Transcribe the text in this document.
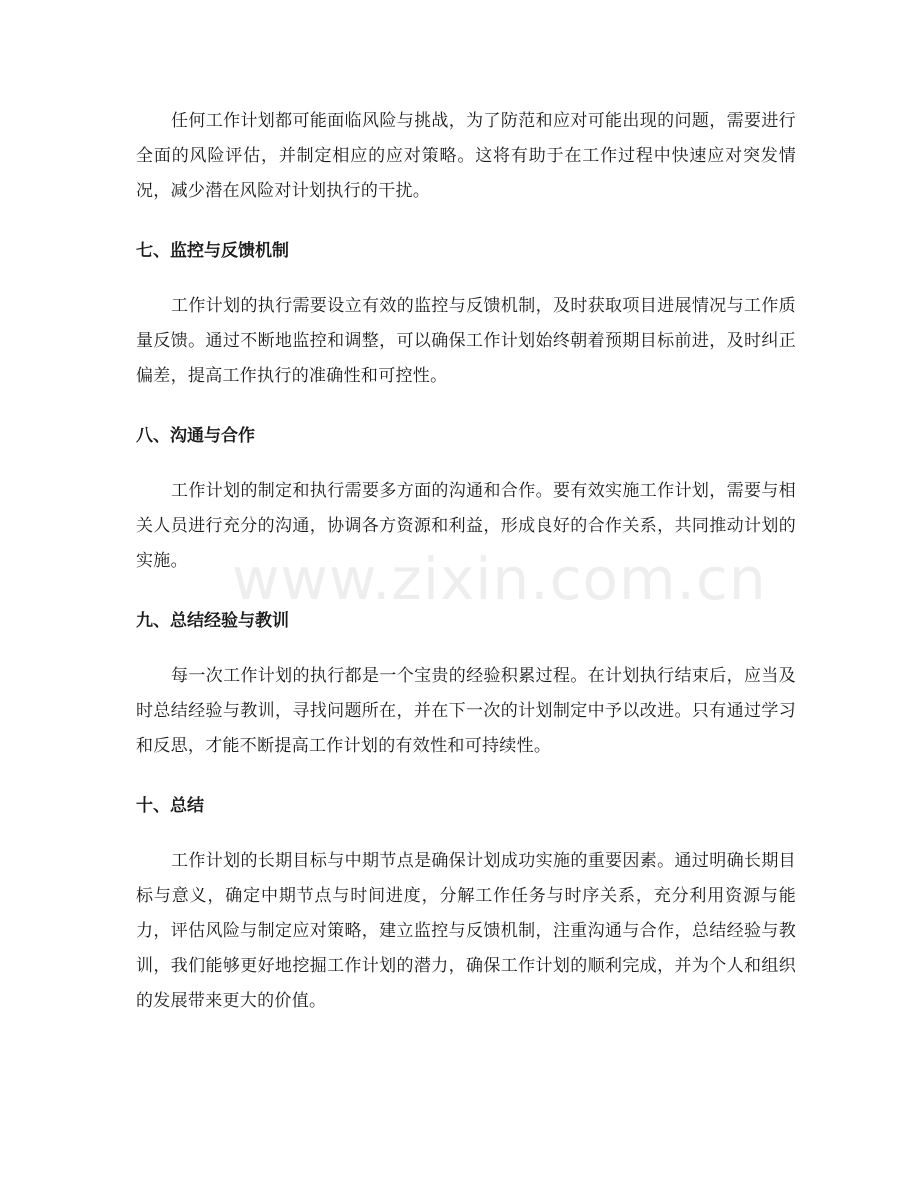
www.zixin.com.cn

任何工作计划都可能面临风险与挑战，为了防范和应对可能出现的问题，需要进行全面的风险评估，并制定相应的应对策略。这将有助于在工作过程中快速应对突发情况，减少潜在风险对计划执行的干扰。

七、监控与反馈机制

工作计划的执行需要设立有效的监控与反馈机制，及时获取项目进展情况与工作质量反馈。通过不断地监控和调整，可以确保工作计划始终朝着预期目标前进，及时纠正偏差，提高工作执行的准确性和可控性。

八、沟通与合作

工作计划的制定和执行需要多方面的沟通和合作。要有效实施工作计划，需要与相关人员进行充分的沟通，协调各方资源和利益，形成良好的合作关系，共同推动计划的实施。

九、总结经验与教训

每一次工作计划的执行都是一个宝贵的经验积累过程。在计划执行结束后，应当及时总结经验与教训，寻找问题所在，并在下一次的计划制定中予以改进。只有通过学习和反思，才能不断提高工作计划的有效性和可持续性。

十、总结

工作计划的长期目标与中期节点是确保计划成功实施的重要因素。通过明确长期目标与意义，确定中期节点与时间进度，分解工作任务与时序关系，充分利用资源与能力，评估风险与制定应对策略，建立监控与反馈机制，注重沟通与合作，总结经验与教训，我们能够更好地挖掘工作计划的潜力，确保工作计划的顺利完成，并为个人和组织的发展带来更大的价值。
